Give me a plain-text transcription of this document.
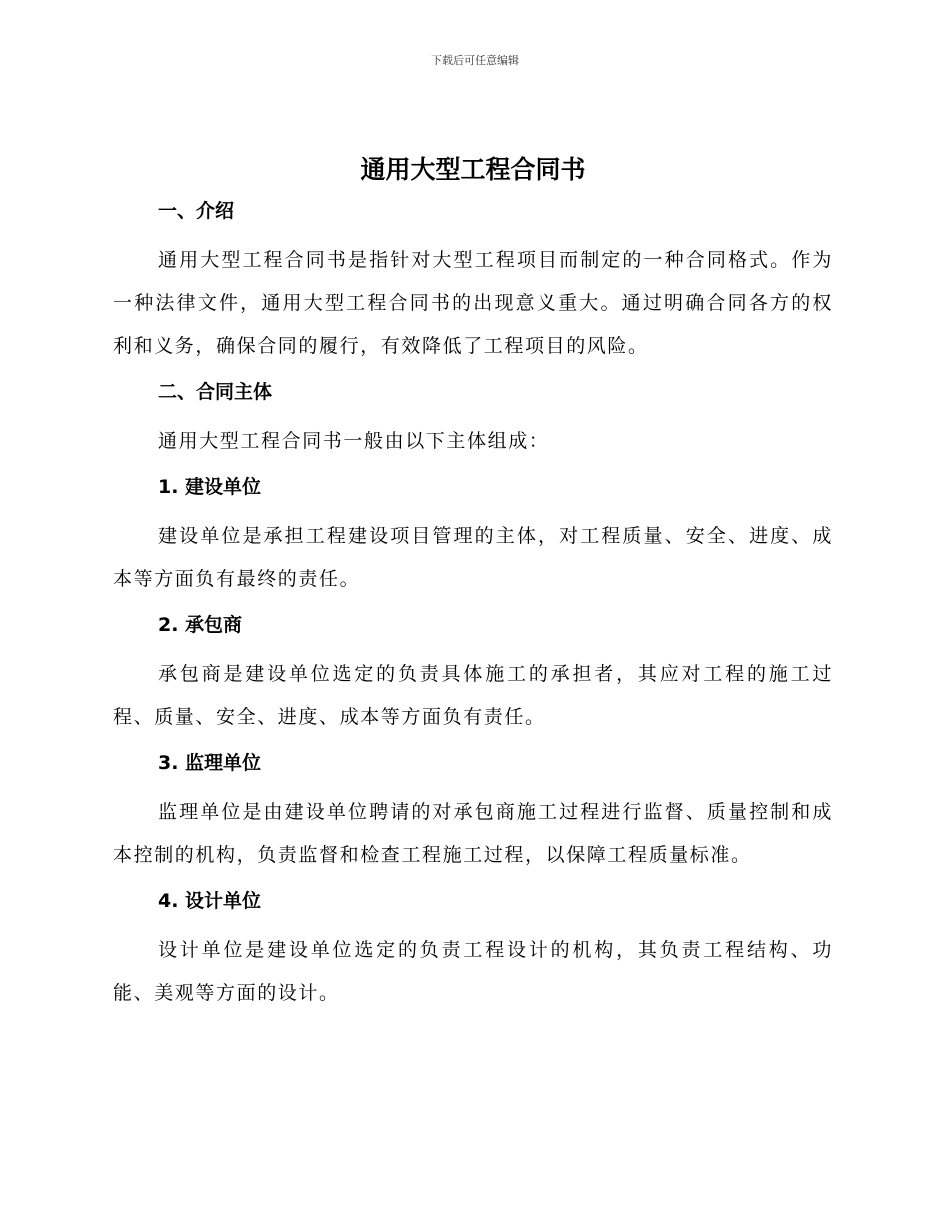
下载后可任意编辑
通用大型工程合同书
一、介绍

通用大型工程合同书是指针对大型工程项目而制定的一种合同格式。作为一种法律文件，通用大型工程合同书的出现意义重大。通过明确合同各方的权利和义务，确保合同的履行，有效降低了工程项目的风险。

二、合同主体

通用大型工程合同书一般由以下主体组成：

1. 建设单位

建设单位是承担工程建设项目管理的主体，对工程质量、安全、进度、成本等方面负有最终的责任。

2. 承包商

承包商是建设单位选定的负责具体施工的承担者，其应对工程的施工过程、质量、安全、进度、成本等方面负有责任。

3. 监理单位

监理单位是由建设单位聘请的对承包商施工过程进行监督、质量控制和成本控制的机构，负责监督和检查工程施工过程，以保障工程质量标准。

4. 设计单位

设计单位是建设单位选定的负责工程设计的机构，其负责工程结构、功能、美观等方面的设计。
